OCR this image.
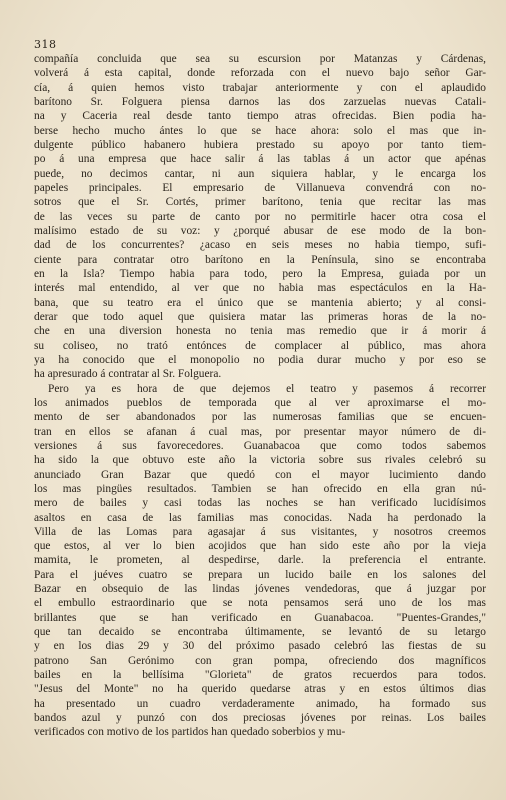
318
compañía concluida que sea su escursion por Matanzas y Cárdenas,
volverá á esta capital, donde reforzada con el nuevo bajo señor Gar-
cía, á quien hemos visto trabajar anteriormente y con el aplaudido
barítono Sr. Folguera piensa darnos las dos zarzuelas nuevas Catali-
na y Caceria real desde tanto tiempo atras ofrecidas. Bien podia ha-
berse hecho mucho ántes lo que se hace ahora: solo el mas que in-
dulgente público habanero hubiera prestado su apoyo por tanto tiem-
po á una empresa que hace salir á las tablas á un actor que apénas
puede, no decimos cantar, ni aun siquiera hablar, y le encarga los
papeles principales. El empresario de Villanueva convendrá con no-
sotros que el Sr. Cortés, primer barítono, tenia que recitar las mas
de las veces su parte de canto por no permitirle hacer otra cosa el
malísimo estado de su voz: y ¿porqué abusar de ese modo de la bon-
dad de los concurrentes? ¿acaso en seis meses no habia tiempo, sufi-
ciente para contratar otro barítono en la Península, sino se encontraba
en la Isla? Tiempo habia para todo, pero la Empresa, guiada por un
interés mal entendido, al ver que no habia mas espectáculos en la Ha-
bana, que su teatro era el único que se mantenia abierto; y al consi-
derar que todo aquel que quisiera matar las primeras horas de la no-
che en una diversion honesta no tenia mas remedio que ir á morir á
su coliseo, no trató entónces de complacer al público, mas ahora
ya ha conocido que el monopolio no podia durar mucho y por eso se
ha apresurado á contratar al Sr. Folguera.
Pero ya es hora de que dejemos el teatro y pasemos á recorrer
los animados pueblos de temporada que al ver aproximarse el mo-
mento de ser abandonados por las numerosas familias que se encuen-
tran en ellos se afanan á cual mas, por presentar mayor número de di-
versiones á sus favorecedores. Guanabacoa que como todos sabemos
ha sido la que obtuvo este año la victoria sobre sus rivales celebró su
anunciado Gran Bazar que quedó con el mayor lucimiento dando
los mas pingües resultados. Tambien se han ofrecido en ella gran nú-
mero de bailes y casi todas las noches se han verificado lucidísimos
asaltos en casa de las familias mas conocidas. Nada ha perdonado la
Villa de las Lomas para agasajar á sus visitantes, y nosotros creemos
que estos, al ver lo bien acojidos que han sido este año por la vieja
mamita, le prometen, al despedirse, darle. la preferencia el entrante.
Para el juéves cuatro se prepara un lucido baile en los salones del
Bazar en obsequio de las lindas jóvenes vendedoras, que á juzgar por
el embullo estraordinario que se nota pensamos será uno de los mas
brillantes que se han verificado en Guanabacoa. "Puentes-Grandes,"
que tan decaido se encontraba últimamente, se levantó de su letargo
y en los dias 29 y 30 del próximo pasado celebró las fiestas de su
patrono San Gerónimo con gran pompa, ofreciendo dos magníficos
bailes en la bellísima "Glorieta" de gratos recuerdos para todos.
"Jesus del Monte" no ha querido quedarse atras y en estos últimos dias
ha presentado un cuadro verdaderamente animado, ha formado sus
bandos azul y punzó con dos preciosas jóvenes por reinas. Los bailes
verificados con motivo de los partidos han quedado soberbios y mu-
